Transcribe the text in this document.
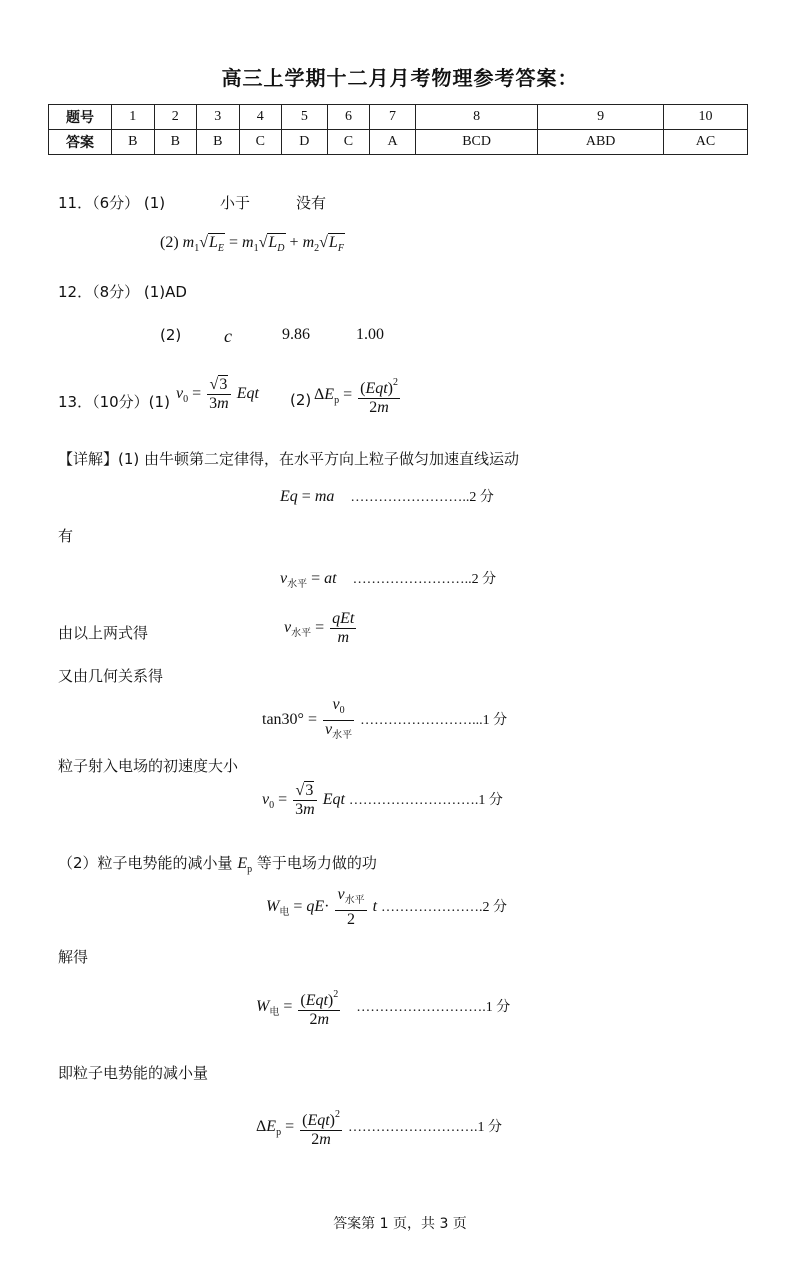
高三上学期十二月月考物理参考答案：
题号	1	2	3	4	5	6	7	8	9	10
答案	B	B	B	C	D	C	A	BCD	ABD	AC
11．（6分） (1)	小于	没有
(2) $m_1√L_E = m_1√L_D + m_2√L_F$
12．（8分） (1)AD
(2) c	9.86	1.00
13．（10分）(1) $v_0 = \frac{√3}{3m}$ Eqt (2) $\Delta E_p = \frac{(Eqt)^2}{2m}$
【详解】(1) 由牛顿第二定律得，在水平方向上粒子做匀加速直线运动
Eq = ma ……………………..2 分
有
$v_{水平}$ = at ……………………..2 分
由以上两式得	$v_{水平} = \frac{\text{qEt}}{m}$
又由几何关系得
$\tan 30^\circ = \frac{v_0}{v_{水平}}$ ……………………...1 分
粒子射入电场的初速度大小
$v_0 = \frac{√3}{3m}$ Eqt ……………………….1 分
（2）粒子电势能的减小量 $E_p$ 等于电场力做的功
$W_电 = qE\cdot \frac{v_{水平}}{2}$ t ………………….2 分
解得
$W_电 = \frac{(Eqt)^2}{2m}$ ……………………….1 分
即粒子电势能的减小量
$\Delta E_p = \frac{(Eqt)^2}{2m}$ ……………………….1 分
答案第 1 页，共 3 页
